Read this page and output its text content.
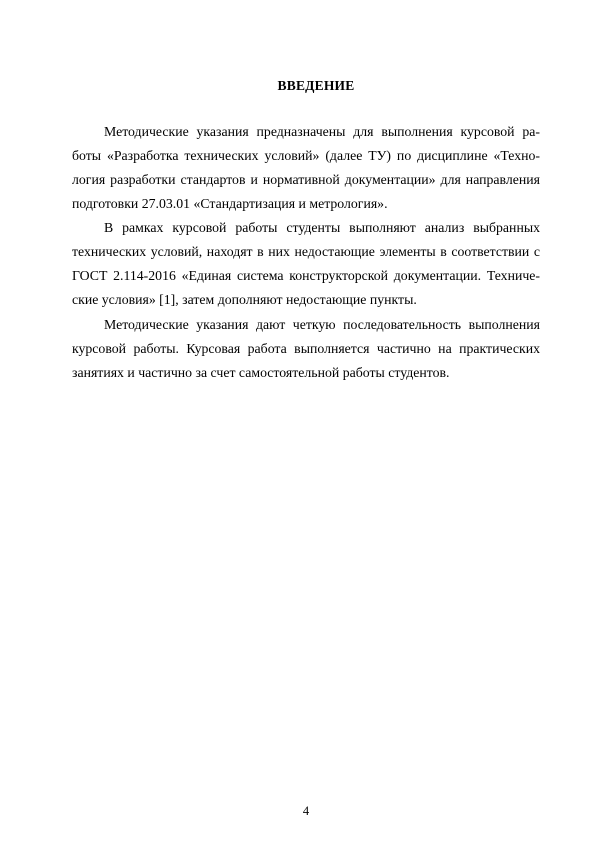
ВВЕДЕНИЕ

Методические указания предназначены для выполнения курсовой ра-

боты «Разработка технических условий» (далее ТУ) по дисциплине «Техно-

логия разработки стандартов и нормативной документации» для направления

подготовки 27.03.01 «Стандартизация и метрология».

В рамках курсовой работы студенты выполняют анализ выбранных

технических условий, находят в них недостающие элементы в соответствии с

ГОСТ 2.114-2016 «Единая система конструкторской документации. Техниче-

ские условия» [1], затем дополняют недостающие пункты.

Методические указания дают четкую последовательность выполнения

курсовой работы. Курсовая работа выполняется частично на практических

занятиях и частично за счет самостоятельной работы студентов.

4
